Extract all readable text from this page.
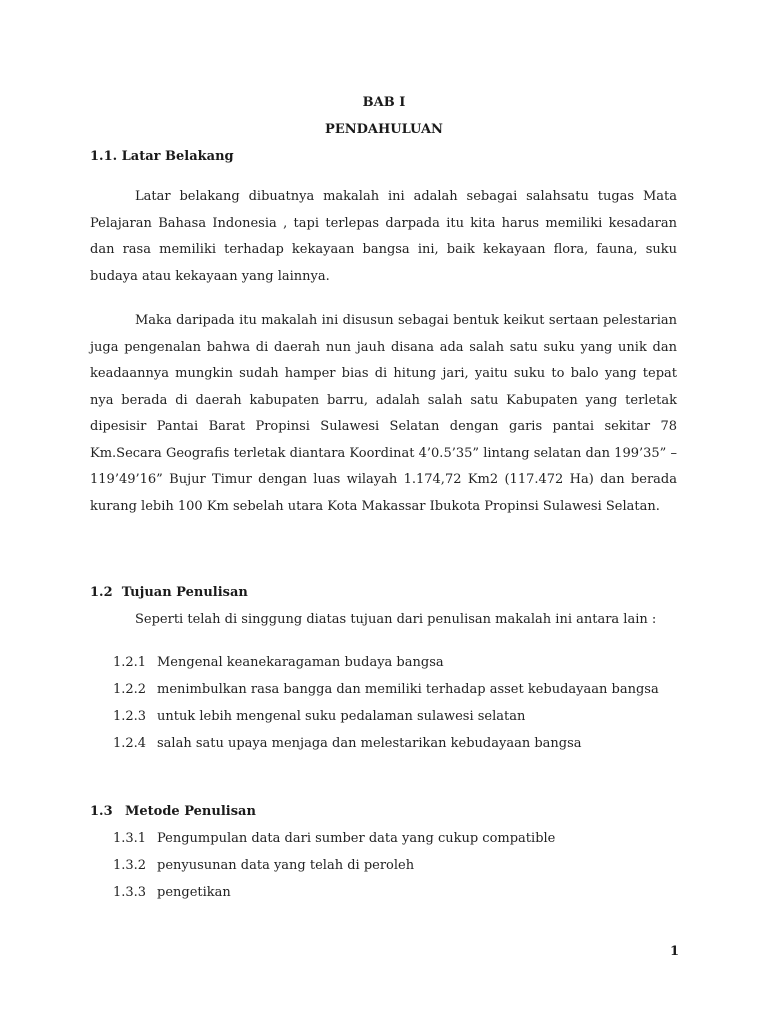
BAB I
PENDAHULUAN
1.1. Latar Belakang
Latar belakang dibuatnya makalah ini adalah sebagai salahsatu tugas Mata Pelajaran Bahasa Indonesia , tapi terlepas darpada itu kita harus memiliki kesadaran dan rasa memiliki terhadap kekayaan bangsa ini, baik kekayaan flora, fauna, suku budaya atau kekayaan yang lainnya.
Maka daripada itu makalah ini disusun sebagai bentuk keikut sertaan pelestarian juga pengenalan bahwa di daerah nun jauh disana ada salah satu suku yang unik dan keadaannya mungkin sudah hamper bias di hitung jari, yaitu suku to balo yang tepat nya berada di daerah kabupaten barru, adalah salah satu Kabupaten yang terletak dipesisir Pantai Barat Propinsi Sulawesi Selatan dengan garis pantai sekitar 78 Km.Secara Geografis terletak diantara Koordinat 4’0.5’35” lintang selatan dan 199’35” – 119’49’16” Bujur Timur dengan luas wilayah 1.174,72 Km2 (117.472 Ha) dan berada kurang lebih 100 Km sebelah utara Kota Makassar Ibukota Propinsi Sulawesi Selatan.
1.2 Tujuan Penulisan
Seperti telah di singgung diatas tujuan dari penulisan makalah ini antara lain :
1.2.1 Mengenal keanekaragaman budaya bangsa
1.2.2 menimbulkan rasa bangga dan memiliki terhadap asset kebudayaan bangsa
1.2.3 untuk lebih mengenal suku pedalaman sulawesi selatan
1.2.4 salah satu upaya menjaga dan melestarikan kebudayaan bangsa
1.3 Metode Penulisan
1.3.1 Pengumpulan data dari sumber data yang cukup compatible
1.3.2 penyusunan data yang telah di peroleh
1.3.3 pengetikan
1
